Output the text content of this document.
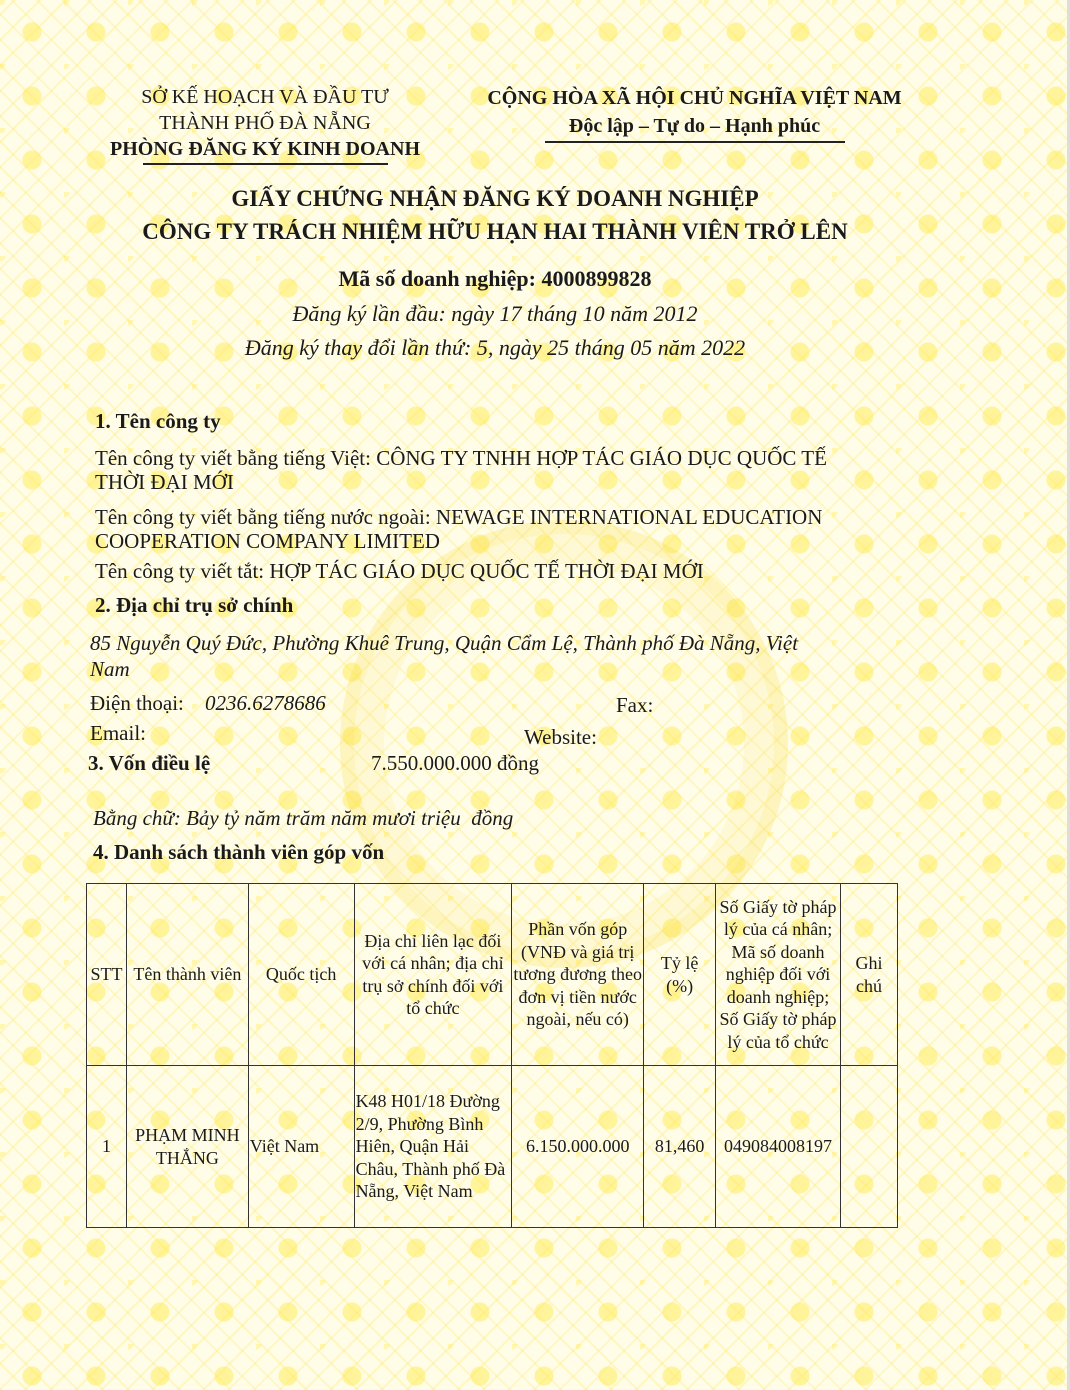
SỞ KẾ HOẠCH VÀ ĐẦU TƯ
THÀNH PHỐ ĐÀ NẴNG
PHÒNG ĐĂNG KÝ KINH DOANH
CỘNG HÒA XÃ HỘI CHỦ NGHĨA VIỆT NAM
Độc lập – Tự do – Hạnh phúc
GIẤY CHỨNG NHẬN ĐĂNG KÝ DOANH NGHIỆP
CÔNG TY TRÁCH NHIỆM HỮU HẠN HAI THÀNH VIÊN TRỞ LÊN
Mã số doanh nghiệp: 4000899828
Đăng ký lần đầu: ngày 17 tháng 10 năm 2012
Đăng ký thay đổi lần thứ: 5, ngày 25 tháng 05 năm 2022
1. Tên công ty
Tên công ty viết bằng tiếng Việt: CÔNG TY TNHH HỢP TÁC GIÁO DỤC QUỐC TẾ
THỜI ĐẠI MỚI
Tên công ty viết bằng tiếng nước ngoài: NEWAGE INTERNATIONAL EDUCATION
COOPERATION COMPANY LIMITED
Tên công ty viết tắt: HỢP TÁC GIÁO DỤC QUỐC TẾ THỜI ĐẠI MỚI
2. Địa chỉ trụ sở chính
85 Nguyễn Quý Đức, Phường Khuê Trung, Quận Cẩm Lệ, Thành phố Đà Nẵng, Việt
Nam
Điện thoại: 0236.6278686	Fax:
Email:	Website:
3. Vốn điều lệ	7.550.000.000 đồng
Bằng chữ: Bảy tỷ năm trăm năm mươi triệu  đồng
4. Danh sách thành viên góp vốn
STT	Tên thành viên	Quốc tịch	Địa chỉ liên lạc đối với cá nhân; địa chỉ trụ sở chính đối với tổ chức	Phần vốn góp (VNĐ và giá trị tương đương theo đơn vị tiền nước ngoài, nếu có)	Tỷ lệ (%)	Số Giấy tờ pháp lý của cá nhân; Mã số doanh nghiệp đối với doanh nghiệp; Số Giấy tờ pháp lý của tổ chức	Ghi chú
1	PHẠM MINH THẮNG	Việt Nam	K48 H01/18 Đường 2/9, Phường Bình Hiên, Quận Hải Châu, Thành phố Đà Nẵng, Việt Nam	6.150.000.000	81,460	049084008197	
